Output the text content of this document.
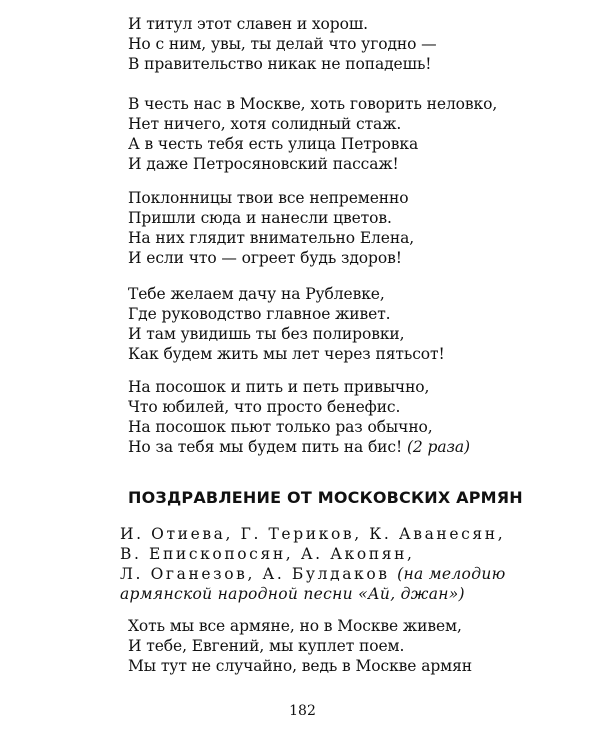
И титул этот славен и хорош.
Но с ним, увы, ты делай что угодно —
В правительство никак не попадешь!
В честь нас в Москве, хоть говорить неловко,
Нет ничего, хотя солидный стаж.
А в честь тебя есть улица Петровка
И даже Петросяновский пассаж!
Поклонницы твои все непременно
Пришли сюда и нанесли цветов.
На них глядит внимательно Елена,
И если что — огреет будь здоров!
Тебе желаем дачу на Рублевке,
Где руководство главное живет.
И там увидишь ты без полировки,
Как будем жить мы лет через пятьсот!
На посошок и пить и петь привычно,
Что юбилей, что просто бенефис.
На посошок пьют только раз обычно,
Но за тебя мы будем пить на бис! (2 раза)
ПОЗДРАВЛЕНИЕ ОТ МОСКОВСКИХ АРМЯН
И. Отиева, Г. Териков, К. Аванесян,
В. Епископосян, А. Акопян,
Л. Оганезов, А. Булдаков (на мелодию
армянской народной песни «Ай, джан»)
Хоть мы все армяне, но в Москве живем,
И тебе, Евгений, мы куплет поем.
Мы тут не случайно, ведь в Москве армян

182
